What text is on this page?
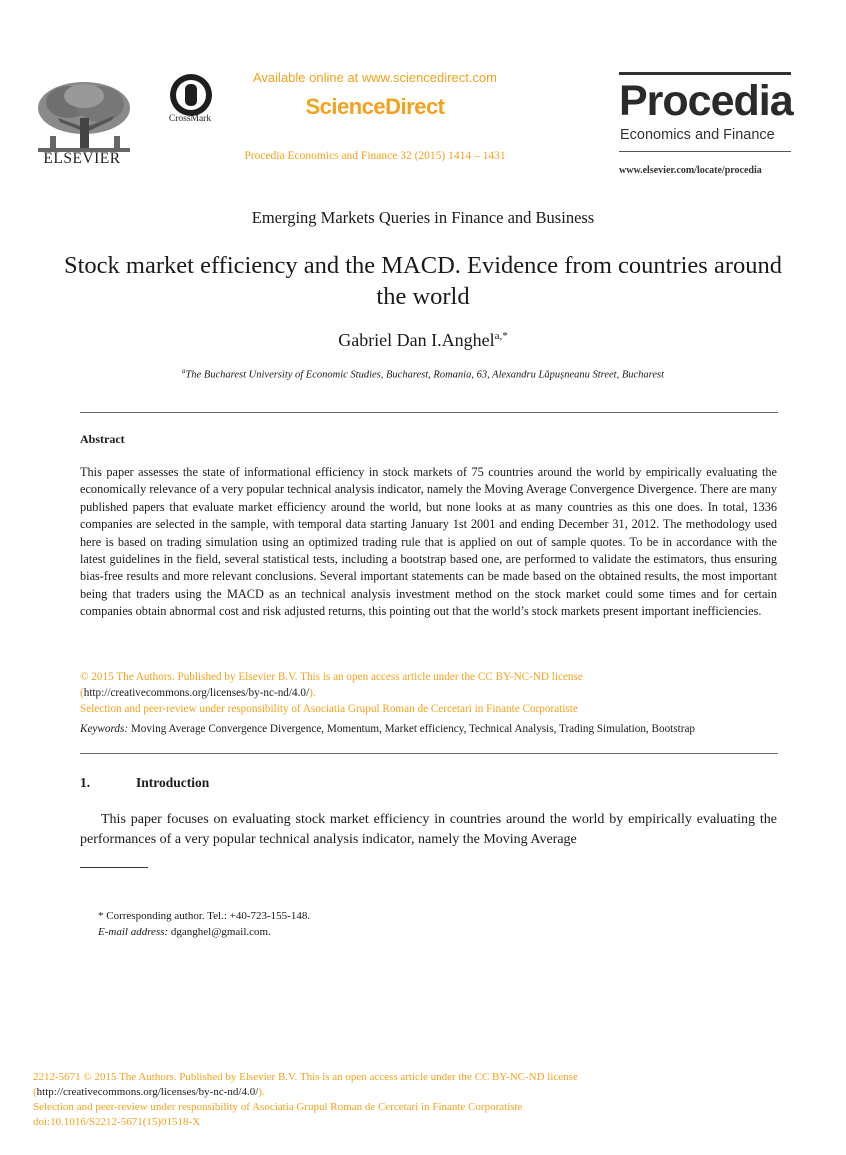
ELSEVIER
CrossMark
Available online at www.sciencedirect.com
ScienceDirect
Procedia Economics and Finance 32 (2015) 1414 – 1431
Procedia
Economics and Finance
www.elsevier.com/locate/procedia
Emerging Markets Queries in Finance and Business
Stock market efficiency and the MACD. Evidence from countries around the world
Gabriel Dan I.Anghel$^{a,*}$
$^a$The Bucharest University of Economic Studies, Bucharest, Romania, 63, Alexandru Lăpușneanu Street, Bucharest
Abstract
This paper assesses the state of informational efficiency in stock markets of 75 countries around the world by empirically evaluating the economically relevance of a very popular technical analysis indicator, namely the Moving Average Convergence Divergence. There are many published papers that evaluate market efficiency around the world, but none looks at as many countries as this one does. In total, 1336 companies are selected in the sample, with temporal data starting January 1st 2001 and ending December 31, 2012. The methodology used here is based on trading simulation using an optimized trading rule that is applied on out of sample quotes. To be in accordance with the latest guidelines in the field, several statistical tests, including a bootstrap based one, are performed to validate the estimators, thus ensuring bias-free results and more relevant conclusions. Several important statements can be made based on the obtained results, the most important being that traders using the MACD as an technical analysis investment method on the stock market could some times and for certain companies obtain abnormal cost and risk adjusted returns, this pointing out that the world’s stock markets present important inefficiencies.
© 2015 The Authors. Published by Elsevier B.V. This is an open access article under the CC BY-NC-ND license
(http://creativecommons.org/licenses/by-nc-nd/4.0/).
Selection and peer-review under responsibility of Asociatia Grupul Roman de Cercetari in Finante Corporatiste
Keywords: Moving Average Convergence Divergence, Momentum, Market efficiency, Technical Analysis, Trading Simulation, Bootstrap
1.	Introduction
This paper focuses on evaluating stock market efficiency in countries around the world by empirically evaluating the performances of a very popular technical analysis indicator, namely the Moving Average
* Corresponding author. Tel.: +40-723-155-148.
E-mail address: dganghel@gmail.com.
2212-5671 © 2015 The Authors. Published by Elsevier B.V. This is an open access article under the CC BY-NC-ND license
(http://creativecommons.org/licenses/by-nc-nd/4.0/).
Selection and peer-review under responsibility of Asociatia Grupul Roman de Cercetari in Finante Corporatiste
doi:10.1016/S2212-5671(15)01518-X
